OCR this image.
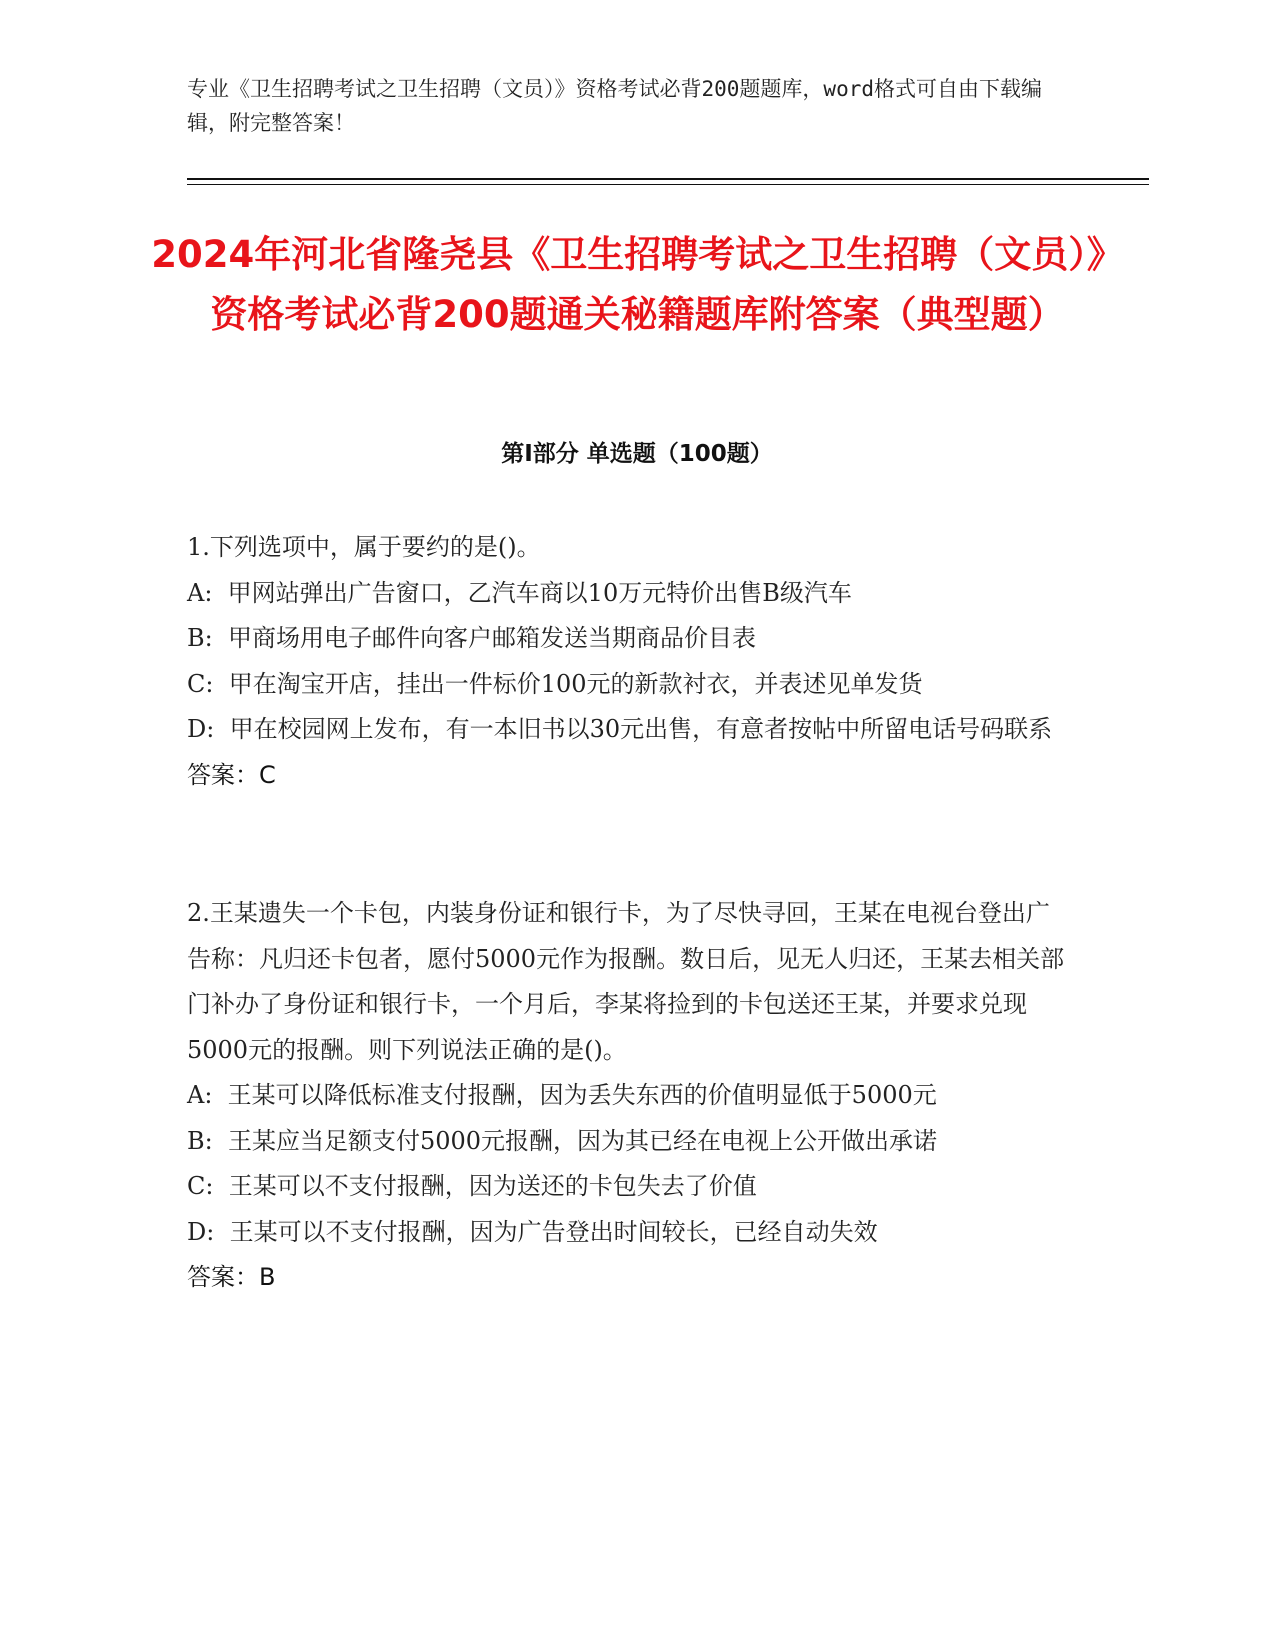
专业《卫生招聘考试之卫生招聘（文员）》资格考试必背200题题库，word格式可自由下载编辑，附完整答案！
2024年河北省隆尧县《卫生招聘考试之卫生招聘（文员）》资格考试必背200题通关秘籍题库附答案（典型题）
第Ⅰ部分 单选题（100题）
1.下列选项中，属于要约的是()。
A:  甲网站弹出广告窗口，乙汽车商以10万元特价出售B级汽车
B:  甲商场用电子邮件向客户邮箱发送当期商品价目表
C:  甲在淘宝开店，挂出一件标价100元的新款衬衣，并表述见单发货
D:  甲在校园网上发布，有一本旧书以30元出售，有意者按帖中所留电话号码联系
答案：C
2.王某遗失一个卡包，内装身份证和银行卡，为了尽快寻回，王某在电视台登出广告称：凡归还卡包者，愿付5000元作为报酬。数日后，见无人归还，王某去相关部门补办了身份证和银行卡，一个月后，李某将捡到的卡包送还王某，并要求兑现5000元的报酬。则下列说法正确的是()。
A:  王某可以降低标准支付报酬，因为丢失东西的价值明显低于5000元
B:  王某应当足额支付5000元报酬，因为其已经在电视上公开做出承诺
C:  王某可以不支付报酬，因为送还的卡包失去了价值
D:  王某可以不支付报酬，因为广告登出时间较长，已经自动失效
答案：B
